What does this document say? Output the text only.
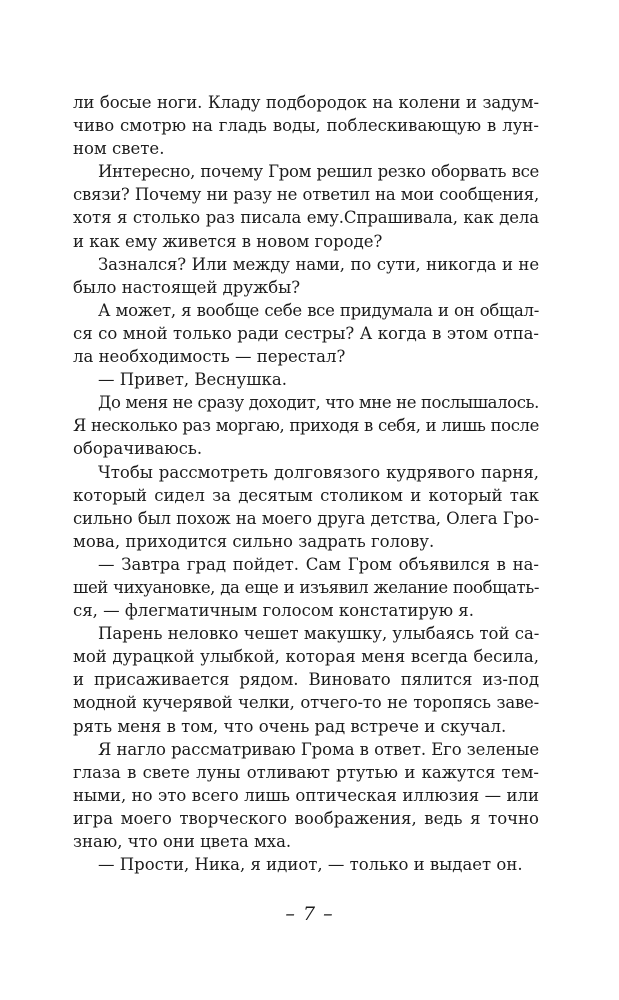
ли босые ноги. Кладу подбородок на колени и задум-
чиво смотрю на гладь воды, поблескивающую в лун-
ном свете.
Интересно, почему Гром решил резко оборвать все
связи? Почему ни разу не ответил на мои сообщения,
хотя я столько раз писала ему.Спрашивала, как дела
и как ему живется в новом городе?
Зазнался? Или между нами, по сути, никогда и не
было настоящей дружбы?
А может, я вообще себе все придумала и он общал-
ся со мной только ради сестры? А когда в этом отпа-
ла необходимость — перестал?
— Привет, Веснушка.
До меня не сразу доходит, что мне не послышалось.
Я несколько раз моргаю, приходя в себя, и лишь после
оборачиваюсь.
Чтобы рассмотреть долговязого кудрявого парня,
который сидел за десятым столиком и который так
сильно был похож на моего друга детства, Олега Гро-
мова, приходится сильно задрать голову.
— Завтра град пойдет. Сам Гром объявился в на-
шей чихуановке, да еще и изъявил желание пообщать-
ся, — флегматичным голосом констатирую я.
Парень неловко чешет макушку, улыбаясь той са-
мой дурацкой улыбкой, которая меня всегда бесила,
и присаживается рядом. Виновато пялится из-под
модной кучерявой челки, отчего-то не торопясь заве-
рять меня в том, что очень рад встрече и скучал.
Я нагло рассматриваю Грома в ответ. Его зеленые
глаза в свете луны отливают ртутью и кажутся тем-
ными, но это всего лишь оптическая иллюзия — или
игра моего творческого воображения, ведь я точно
знаю, что они цвета мха.
— Прости, Ника, я идиот, — только и выдает он.
– 7 –
